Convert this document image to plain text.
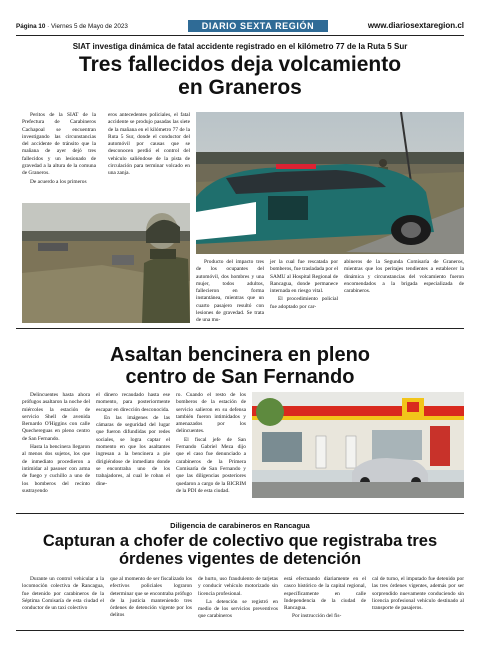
Página 10 · Viernes 5 de Mayo de 2023	DIARIO SEXTA REGIÓN	www.diariosextaregion.cl
SIAT investiga dinámica de fatal accidente registrado en el kilómetro 77 de la Ruta 5 Sur
Tres fallecidos deja volcamiento
en Graneros

Peritos de la SIAT de la Prefectura de Carabineros Cachapoal se encuentran investigando las circunstancias del accidente de tránsito que la mañana de ayer dejó tres fallecidos y un lesionado de gravedad a la altura de la comuna de Graneros.

De acuerdo a los primeros

eros antecedentes policiales, el fatal accidente se produjo pasadas las siete de la mañana en el kilómetro 77 de la Ruta 5 Sur, donde el conductor del automóvil por causas que se desconocen perdió el control del vehículo saliéndose de la pista de circulación para terminar volcado en una zanja.

Producto del impacto tres de los ocupantes del automóvil, dos hombres y una mujer, todos adultos, fallecieron en forma instantánea, mientras que un cuarto pasajero resultó con lesiones de gravedad. Se trata de una mu-

jer la cual fue rescatada por bomberos, fue trasladada por el SAMU al Hospital Regional de Rancagua, donde permanece internada en riesgo vital.

El procedimiento policial fue adoptado por car-

abineros de la Segunda Comisaría de Graneros, mientras que los peritajes tendientes a establecer la dinámica y circunstancias del volcamiento fueron encomendados a la brigada especializada de carabineros.

Asaltan bencinera en pleno
centro de San Fernando

Delincuentes hasta ahora prófugos asaltaron la noche del miércoles la estación de servicio Shell de avenida Bernardo O'Higgins con calle Quechereguas en pleno centro de San Fernando.

Hasta la bencinera llegaron al menos dos sujetos, los que de inmediato procedieron a intimidar al pasoser con arma de fuego y cuchillo a uno de los bomberos del recinto sustrayendo

el dinero recaudado hasta ese momento, para posteriormente escapar en dirección desconocida.

En las imágenes de las cámaras de seguridad del lugar que fueron difundidas por redes sociales, se logra captar el momento en que los asaltantes ingresan a la bencinera a pie dirigiéndose de inmediato donde se encontraba uno de los trabajadores, al cual le roban el dine-

ro. Cuando el resto de los bomberos de la estación de servicio salieron en su defensa también fueron intimidados y amenazados por los delincuentes.

El fiscal jefe de San Fernando Gabriel Meza dijo que el caso fue denunciado a carabineros de la Primera Comisaría de San Fernando y que las diligencias posteriores quedaron a cargo de la BICRIM de la PDI de esta ciudad.

Diligencia de carabineros en Rancagua
Capturan a chofer de colectivo que registraba tres
órdenes vigentes de detención

Durante un control vehicular a la locomoción colectiva de Rancagua, fue detenido por carabineros de la Séptima Comisaría de esta ciudad el conductor de un taxi colectivo

que al momento de ser fiscalizado los efectivos policiales lograron determinar que se encontraba prófugo de la justicia manteniendo tres órdenes de detención vigente por los delitos

de hurto, uso fraudulento de tarjetas y conducir vehículo motorizado sin licencia profesional.

La detención se registró en medio de los servicios preventivos que carabineros

está efectuando diariamente en el casco histórico de la capital regional, específicamente en calle Independencia de la ciudad de Rancagua.

Por instrucción del fis-

cal de turno, el imputado fue detenido por las tres órdenes vigentes, además por ser sorprendido nuevamente conduciendo sin licencia profesional vehículo destinado al transporte de pasajeros.
